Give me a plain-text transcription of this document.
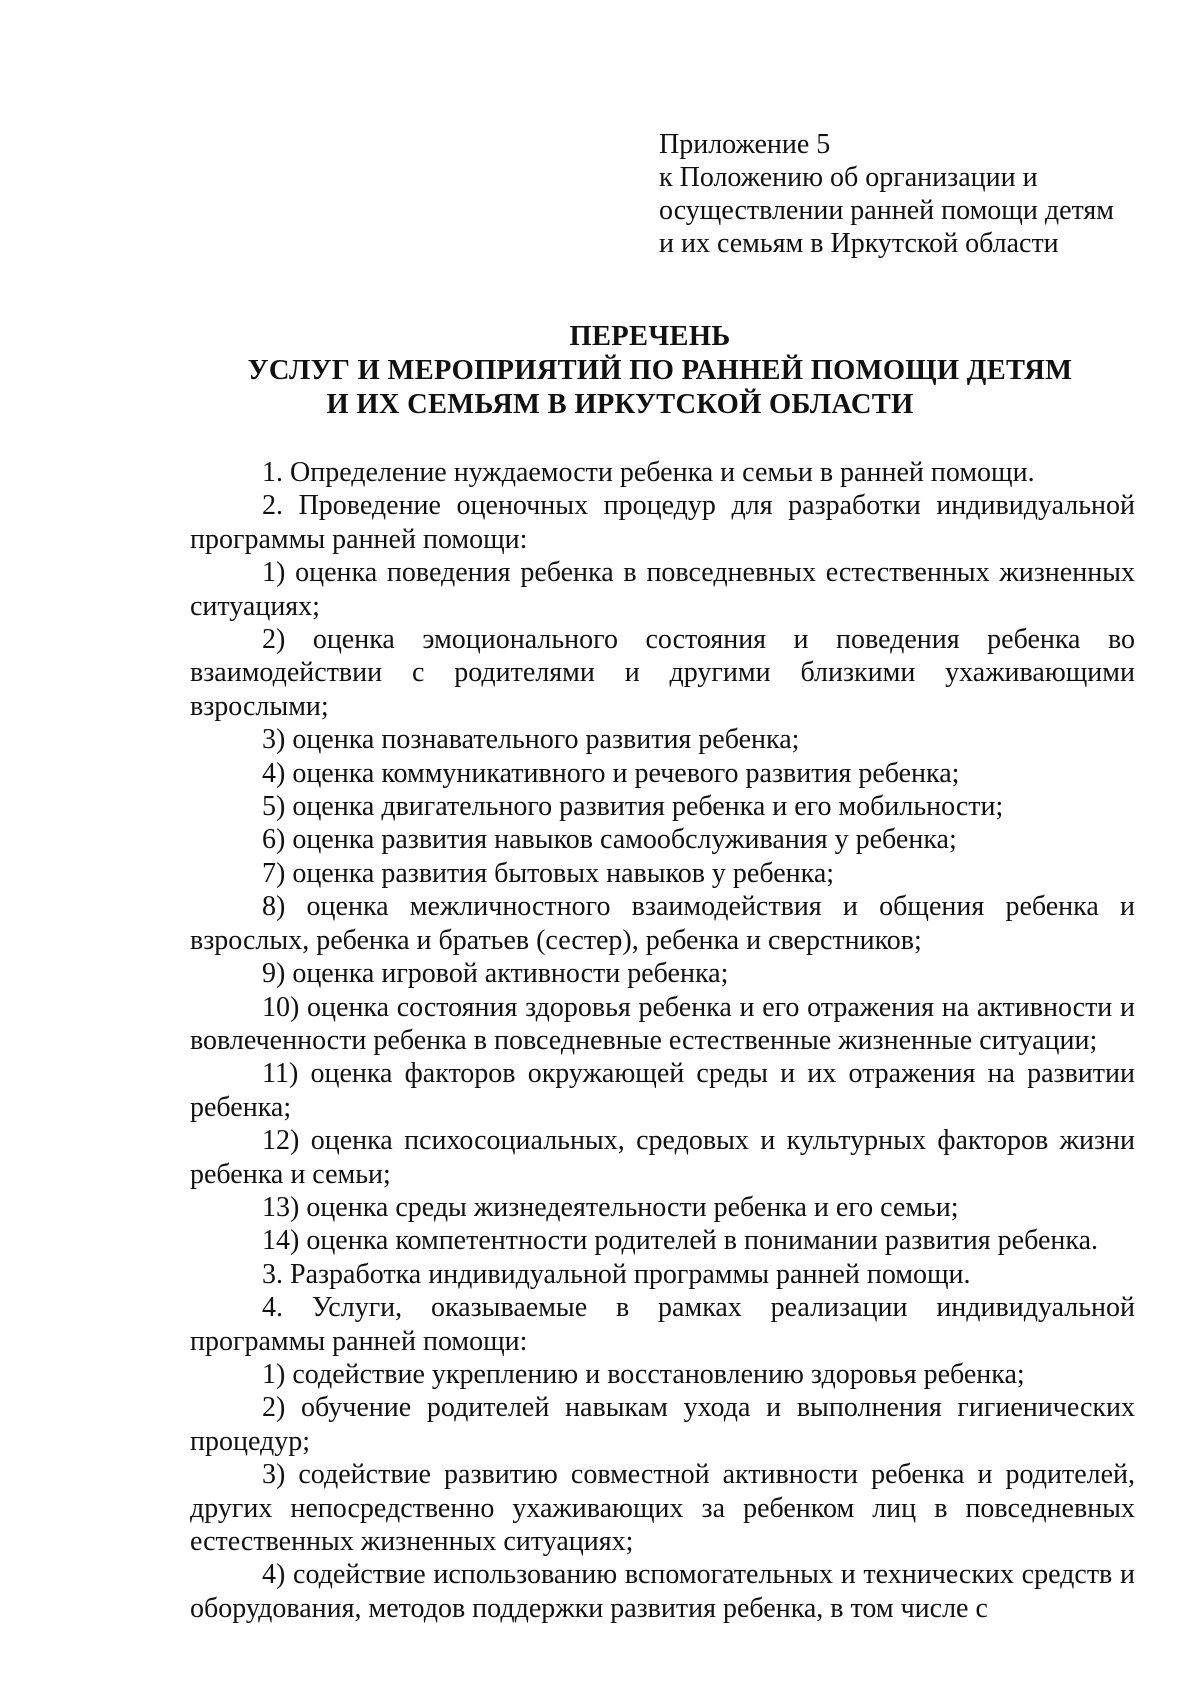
Приложение 5
к Положению об организации и
осуществлении ранней помощи детям
и их семьям в Иркутской области
ПЕРЕЧЕНЬ
УСЛУГ И МЕРОПРИЯТИЙ ПО РАННЕЙ ПОМОЩИ ДЕТЯМ
И ИХ СЕМЬЯМ В ИРКУТСКОЙ ОБЛАСТИ

1. Определение нуждаемости ребенка и семьи в ранней помощи.

2. Проведение оценочных процедур для разработки индивидуальной программы ранней помощи:

1) оценка поведения ребенка в повседневных естественных жизненных ситуациях;

2) оценка эмоционального состояния и поведения ребенка во взаимодействии с родителями и другими близкими ухаживающими взрослыми;

3) оценка познавательного развития ребенка;

4) оценка коммуникативного и речевого развития ребенка;

5) оценка двигательного развития ребенка и его мобильности;

6) оценка развития навыков самообслуживания у ребенка;

7) оценка развития бытовых навыков у ребенка;

8) оценка межличностного взаимодействия и общения ребенка и взрослых, ребенка и братьев (сестер), ребенка и сверстников;

9) оценка игровой активности ребенка;

10) оценка состояния здоровья ребенка и его отражения на активности и вовлеченности ребенка в повседневные естественные жизненные ситуации;

11) оценка факторов окружающей среды и их отражения на развитии ребенка;

12) оценка психосоциальных, средовых и культурных факторов жизни ребенка и семьи;

13) оценка среды жизнедеятельности ребенка и его семьи;

14) оценка компетентности родителей в понимании развития ребенка.

3. Разработка индивидуальной программы ранней помощи.

4. Услуги, оказываемые в рамках реализации индивидуальной программы ранней помощи:

1) содействие укреплению и восстановлению здоровья ребенка;

2) обучение родителей навыкам ухода и выполнения гигиенических процедур;

3) содействие развитию совместной активности ребенка и родителей, других непосредственно ухаживающих за ребенком лиц в повседневных естественных жизненных ситуациях;

4) содействие использованию вспомогательных и технических средств и оборудования, методов поддержки развития ребенка, в том числе с
